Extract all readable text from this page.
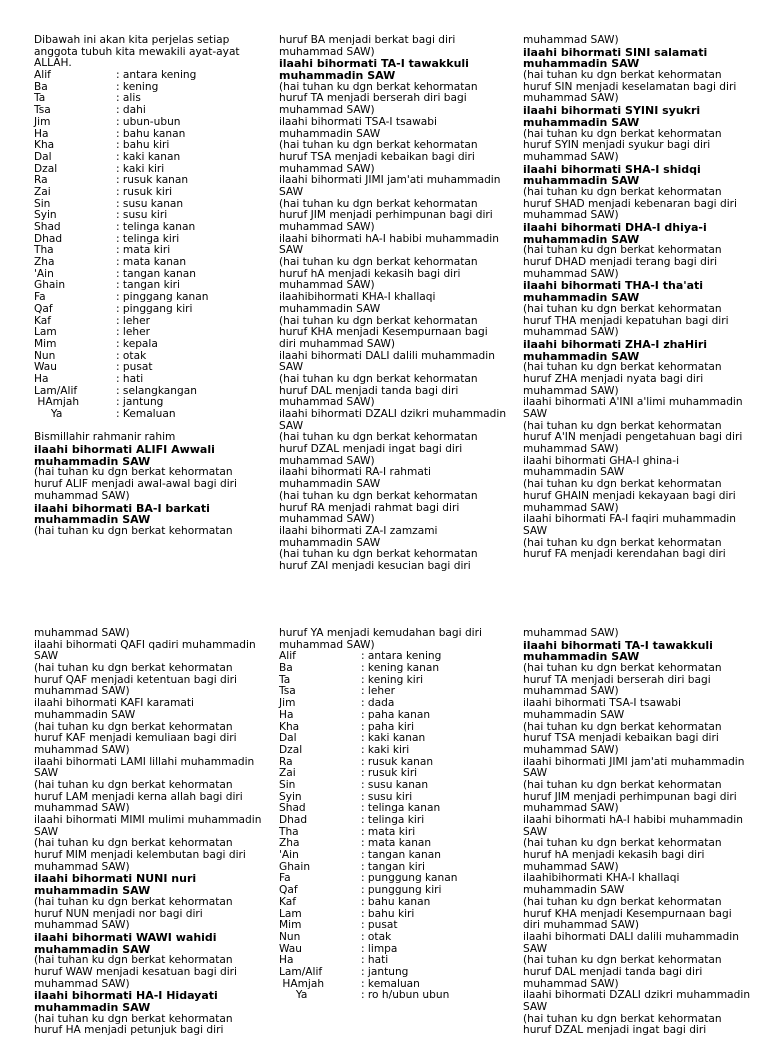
Dibawah ini akan kita perjelas setiap
anggota tubuh kita mewakili ayat-ayat
ALLAH.
Alif	: antara kening
Ba	: kening
Ta	: alis
Tsa	: dahi
Jim	: ubun-ubun
Ha	: bahu kanan
Kha	: bahu kiri
Dal	: kaki kanan
Dzal	: kaki kiri
Ra	: rusuk kanan
Zai	: rusuk kiri
Sin	: susu kanan
Syin	: susu kiri
Shad	: telinga kanan
Dhad	: telinga kiri
Tha	: mata kiri
Zha	: mata kanan
'Ain	: tangan kanan
Ghain	: tangan kiri
Fa	: pinggang kanan
Qaf	: pinggang kiri
Kaf	: leher
Lam	: leher
Mim	: kepala
Nun	: otak
Wau	: pusat
Ha	: hati
Lam/Alif	: selangkangan
HAmjah	: jantung
Ya	: Kemaluan
Bismillahir rahmanir rahim
ilaahi bihormati ALIFI Awwali
muhammadin SAW
(hai tuhan ku dgn berkat kehormatan
huruf ALIF menjadi awal-awal bagi diri
muhammad SAW)
ilaahi bihormati BA-I barkati
muhammadin SAW
(hai tuhan ku dgn berkat kehormatan
huruf BA menjadi berkat bagi diri
muhammad SAW)
ilaahi bihormati TA-I tawakkuli
muhammadin SAW
(hai tuhan ku dgn berkat kehormatan
huruf TA menjadi berserah diri bagi
muhammad SAW)
ilaahi bihormati TSA-I tsawabi
muhammadin SAW
(hai tuhan ku dgn berkat kehormatan
huruf TSA menjadi kebaikan bagi diri
muhammad SAW)
ilaahi bihormati JIMI jam'ati muhammadin
SAW
(hai tuhan ku dgn berkat kehormatan
huruf JIM menjadi perhimpunan bagi diri
muhammad SAW)
ilaahi bihormati hA-I habibi muhammadin
SAW
(hai tuhan ku dgn berkat kehormatan
huruf hA menjadi kekasih bagi diri
muhammad SAW)
ilaahibihormati KHA-I khallaqi
muhammadin SAW
(hai tuhan ku dgn berkat kehormatan
huruf KHA menjadi Kesempurnaan bagi
diri muhammad SAW)
ilaahi bihormati DALI dalili muhammadin
SAW
(hai tuhan ku dgn berkat kehormatan
huruf DAL menjadi tanda bagi diri
muhammad SAW)
ilaahi bihormati DZALI dzikri muhammadin
SAW
(hai tuhan ku dgn berkat kehormatan
huruf DZAL menjadi ingat bagi diri
muhammad SAW)
ilaahi bihormati RA-I rahmati
muhammadin SAW
(hai tuhan ku dgn berkat kehormatan
huruf RA menjadi rahmat bagi diri
muhammad SAW)
ilaahi bihormati ZA-I zamzami
muhammadin SAW
(hai tuhan ku dgn berkat kehormatan
huruf ZAI menjadi kesucian bagi diri
muhammad SAW)
ilaahi bihormati SINI salamati
muhammadin SAW
(hai tuhan ku dgn berkat kehormatan
huruf SIN menjadi keselamatan bagi diri
muhammad SAW)
ilaahi bihormati SYINI syukri
muhammadin SAW
(hai tuhan ku dgn berkat kehormatan
huruf SYIN menjadi syukur bagi diri
muhammad SAW)
ilaahi bihormati SHA-I shidqi
muhammadin SAW
(hai tuhan ku dgn berkat kehormatan
huruf SHAD menjadi kebenaran bagi diri
muhammad SAW)
ilaahi bihormati DHA-I dhiya-i
muhammadin SAW
(hai tuhan ku dgn berkat kehormatan
huruf DHAD menjadi terang bagi diri
muhammad SAW)
ilaahi bihormati THA-I tha'ati
muhammadin SAW
(hai tuhan ku dgn berkat kehormatan
huruf THA menjadi kepatuhan bagi diri
muhammad SAW)
ilaahi bihormati ZHA-I zhaHiri
muhammadin SAW
(hai tuhan ku dgn berkat kehormatan
huruf ZHA menjadi nyata bagi diri
muhammad SAW)
ilaahi bihormati A'INI a'limi muhammadin
SAW
(hai tuhan ku dgn berkat kehormatan
huruf A'IN menjadi pengetahuan bagi diri
muhammad SAW)
ilaahi bihormati GHA-I ghina-i
muhammadin SAW
(hai tuhan ku dgn berkat kehormatan
huruf GHAIN menjadi kekayaan bagi diri
muhammad SAW)
ilaahi bihormati FA-I faqiri muhammadin
SAW
(hai tuhan ku dgn berkat kehormatan
huruf FA menjadi kerendahan bagi diri
muhammad SAW)
ilaahi bihormati QAFI qadiri muhammadin
SAW
(hai tuhan ku dgn berkat kehormatan
huruf QAF menjadi ketentuan bagi diri
muhammad SAW)
ilaahi bihormati KAFI karamati
muhammadin SAW
(hai tuhan ku dgn berkat kehormatan
huruf KAF menjadi kemuliaan bagi diri
muhammad SAW)
ilaahi bihormati LAMI lillahi muhammadin
SAW
(hai tuhan ku dgn berkat kehormatan
huruf LAM menjadi kerna allah bagi diri
muhammad SAW)
ilaahi bihormati MIMI mulimi muhammadin
SAW
(hai tuhan ku dgn berkat kehormatan
huruf MIM menjadi kelembutan bagi diri
muhammad SAW)
ilaahi bihormati NUNI nuri
muhammadin SAW
(hai tuhan ku dgn berkat kehormatan
huruf NUN menjadi nor bagi diri
muhammad SAW)
ilaahi bihormati WAWI wahidi
muhammadin SAW
(hai tuhan ku dgn berkat kehormatan
huruf WAW menjadi kesatuan bagi diri
muhammad SAW)
ilaahi bihormati HA-I Hidayati
muhammadin SAW
(hai tuhan ku dgn berkat kehormatan
huruf HA menjadi petunjuk bagi diri
huruf YA menjadi kemudahan bagi diri
muhammad SAW)
Alif	: antara kening
Ba	: kening kanan
Ta	: kening kiri
Tsa	: leher
Jim	: dada
Ha	: paha kanan
Kha	: paha kiri
Dal	: kaki kanan
Dzal	: kaki kiri
Ra	: rusuk kanan
Zai	: rusuk kiri
Sin	: susu kanan
Syin	: susu kiri
Shad	: telinga kanan
Dhad	: telinga kiri
Tha	: mata kiri
Zha	: mata kanan
'Ain	: tangan kanan
Ghain	: tangan kiri
Fa	: punggung kanan
Qaf	: punggung kiri
Kaf	: bahu kanan
Lam	: bahu kiri
Mim	: pusat
Nun	: otak
Wau	: limpa
Ha	: hati
Lam/Alif	: jantung
HAmjah	: kemaluan
Ya	: ro h/ubun ubun
muhammad SAW)
ilaahi bihormati TA-I tawakkuli
muhammadin SAW
(hai tuhan ku dgn berkat kehormatan
huruf TA menjadi berserah diri bagi
muhammad SAW)
ilaahi bihormati TSA-I tsawabi
muhammadin SAW
(hai tuhan ku dgn berkat kehormatan
huruf TSA menjadi kebaikan bagi diri
muhammad SAW)
ilaahi bihormati JIMI jam'ati muhammadin
SAW
(hai tuhan ku dgn berkat kehormatan
huruf JIM menjadi perhimpunan bagi diri
muhammad SAW)
ilaahi bihormati hA-I habibi muhammadin
SAW
(hai tuhan ku dgn berkat kehormatan
huruf hA menjadi kekasih bagi diri
muhammad SAW)
ilaahibihormati KHA-I khallaqi
muhammadin SAW
(hai tuhan ku dgn berkat kehormatan
huruf KHA menjadi Kesempurnaan bagi
diri muhammad SAW)
ilaahi bihormati DALI dalili muhammadin
SAW
(hai tuhan ku dgn berkat kehormatan
huruf DAL menjadi tanda bagi diri
muhammad SAW)
ilaahi bihormati DZALI dzikri muhammadin
SAW
(hai tuhan ku dgn berkat kehormatan
huruf DZAL menjadi ingat bagi diri
